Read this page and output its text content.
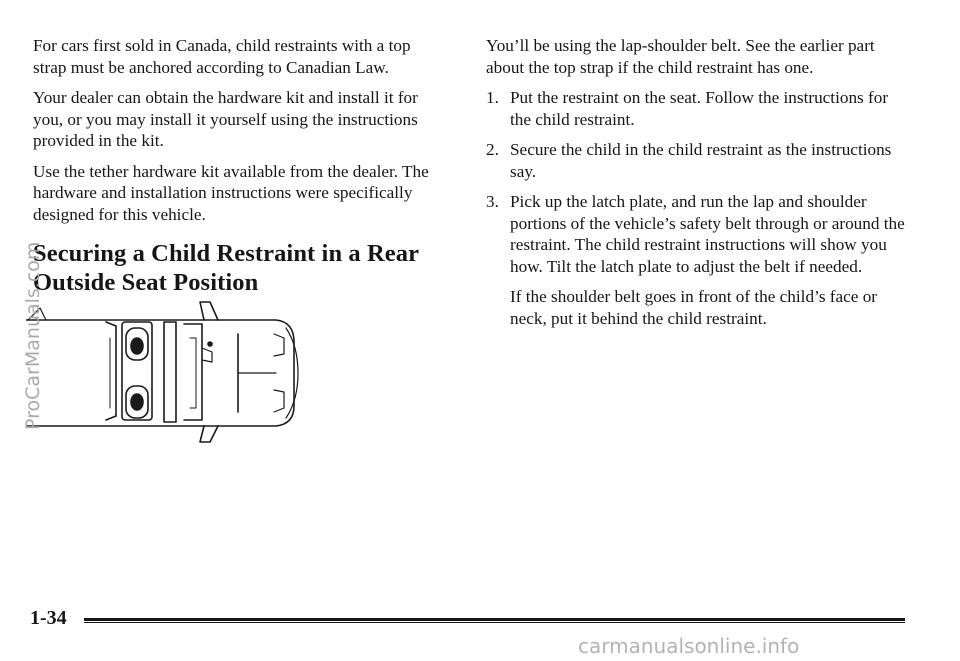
For cars first sold in Canada, child restraints with a top strap must be anchored according to Canadian Law.

Your dealer can obtain the hardware kit and install it for you, or you may install it yourself using the instructions provided in the kit.

Use the tether hardware kit available from the dealer. The hardware and installation instructions were specifically designed for this vehicle.

Securing a Child Restraint in a Rear Outside Seat Position

You’ll be using the lap-shoulder belt. See the earlier part about the top strap if the child restraint has one.

1. Put the restraint on the seat. Follow the instructions for the child restraint.
2. Secure the child in the child restraint as the instructions say.
3. Pick up the latch plate, and run the lap and shoulder portions of the vehicle’s safety belt through or around the restraint. The child restraint instructions will show you how. Tilt the latch plate to adjust the belt if needed.

If the shoulder belt goes in front of the child’s face or neck, put it behind the child restraint.

1-34
ProCarManuals.com
carmanualsonline.info
